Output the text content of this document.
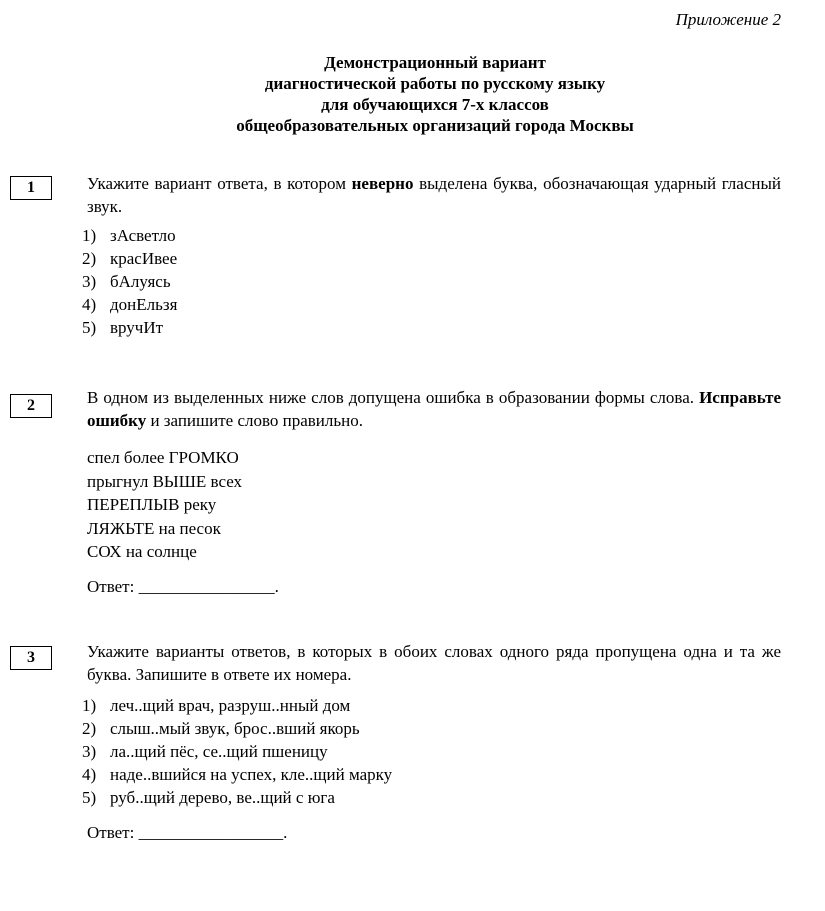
Приложение 2
Демонстрационный вариант
диагностической работы по русскому языку
для обучающихся 7-х классов
общеобразовательных организаций города Москвы
1	Укажите вариант ответа, в котором неверно выделена буква, обозначающая ударный гласный звук.
1) зАсветло
2) красИвее
3) бАлуясь
4) донЕльзя
5) вручИт
2	В одном из выделенных ниже слов допущена ошибка в образовании формы слова. Исправьте ошибку и запишите слово правильно.
спел более ГРОМКО
прыгнул ВЫШЕ всех
ПЕРЕПЛЫВ реку
ЛЯЖЬТЕ на песок
СОХ на солнце
Ответ: ________________.
3	Укажите варианты ответов, в которых в обоих словах одного ряда пропущена одна и та же буква. Запишите в ответе их номера.
1) леч..щий врач, разруш..нный дом
2) слыш..мый звук, брос..вший якорь
3) ла..щий пёс, се..щий пшеницу
4) наде..вшийся на успех, кле..щий марку
5) руб..щий дерево, ве..щий с юга
Ответ: _________________.
